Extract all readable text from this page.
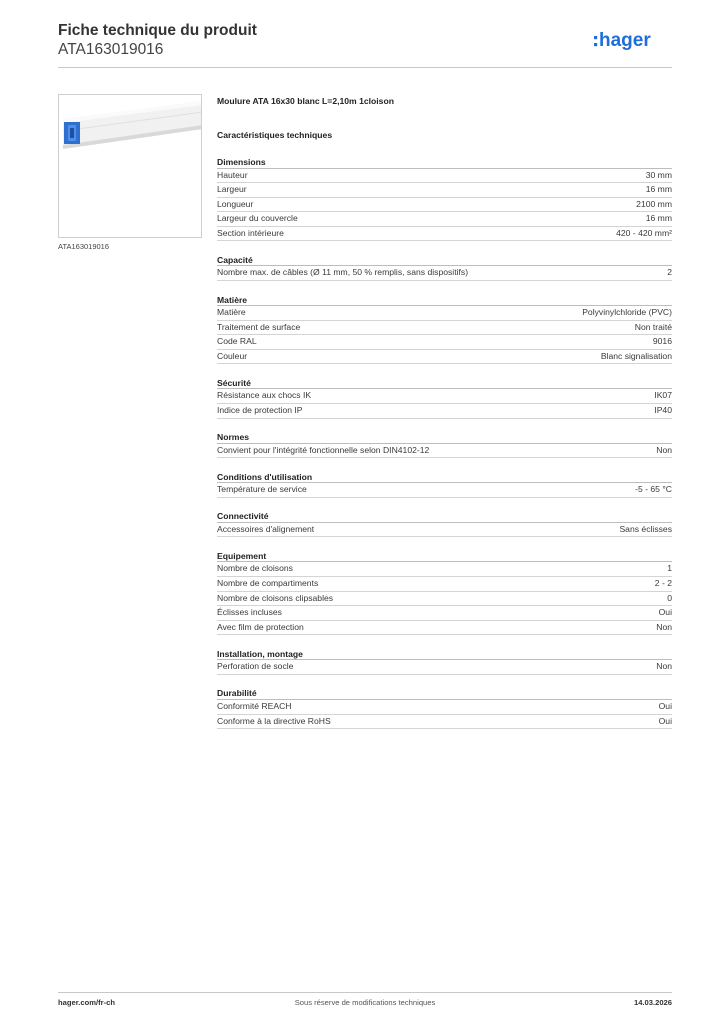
Fiche technique du produit
ATA163019016	hager
ATA163019016
Moulure ATA 16x30 blanc L=2,10m 1cloison
Caractéristiques techniques
Dimensions
Hauteur	30 mm
Largeur	16 mm
Longueur	2100 mm
Largeur du couvercle	16 mm
Section intérieure	420 - 420 mm²
Capacité
Nombre max. de câbles (Ø 11 mm, 50 % remplis, sans dispositifs)	2
Matière
Matière	Polyvinylchloride (PVC)
Traitement de surface	Non traité
Code RAL	9016
Couleur	Blanc signalisation
Sécurité
Résistance aux chocs IK	IK07
Indice de protection IP	IP40
Normes
Convient pour l'intégrité fonctionnelle selon DIN4102-12	Non
Conditions d'utilisation
Température de service	-5 - 65 °C
Connectivité
Accessoires d'alignement	Sans éclisses
Equipement
Nombre de cloisons	1
Nombre de compartiments	2 - 2
Nombre de cloisons clipsables	0
Éclisses incluses	Oui
Avec film de protection	Non
Installation, montage
Perforation de socle	Non
Durabilité
Conformité REACH	Oui
Conforme à la directive RoHS	Oui
hager.com/fr-ch	Sous réserve de modifications techniques	14.03.2026
